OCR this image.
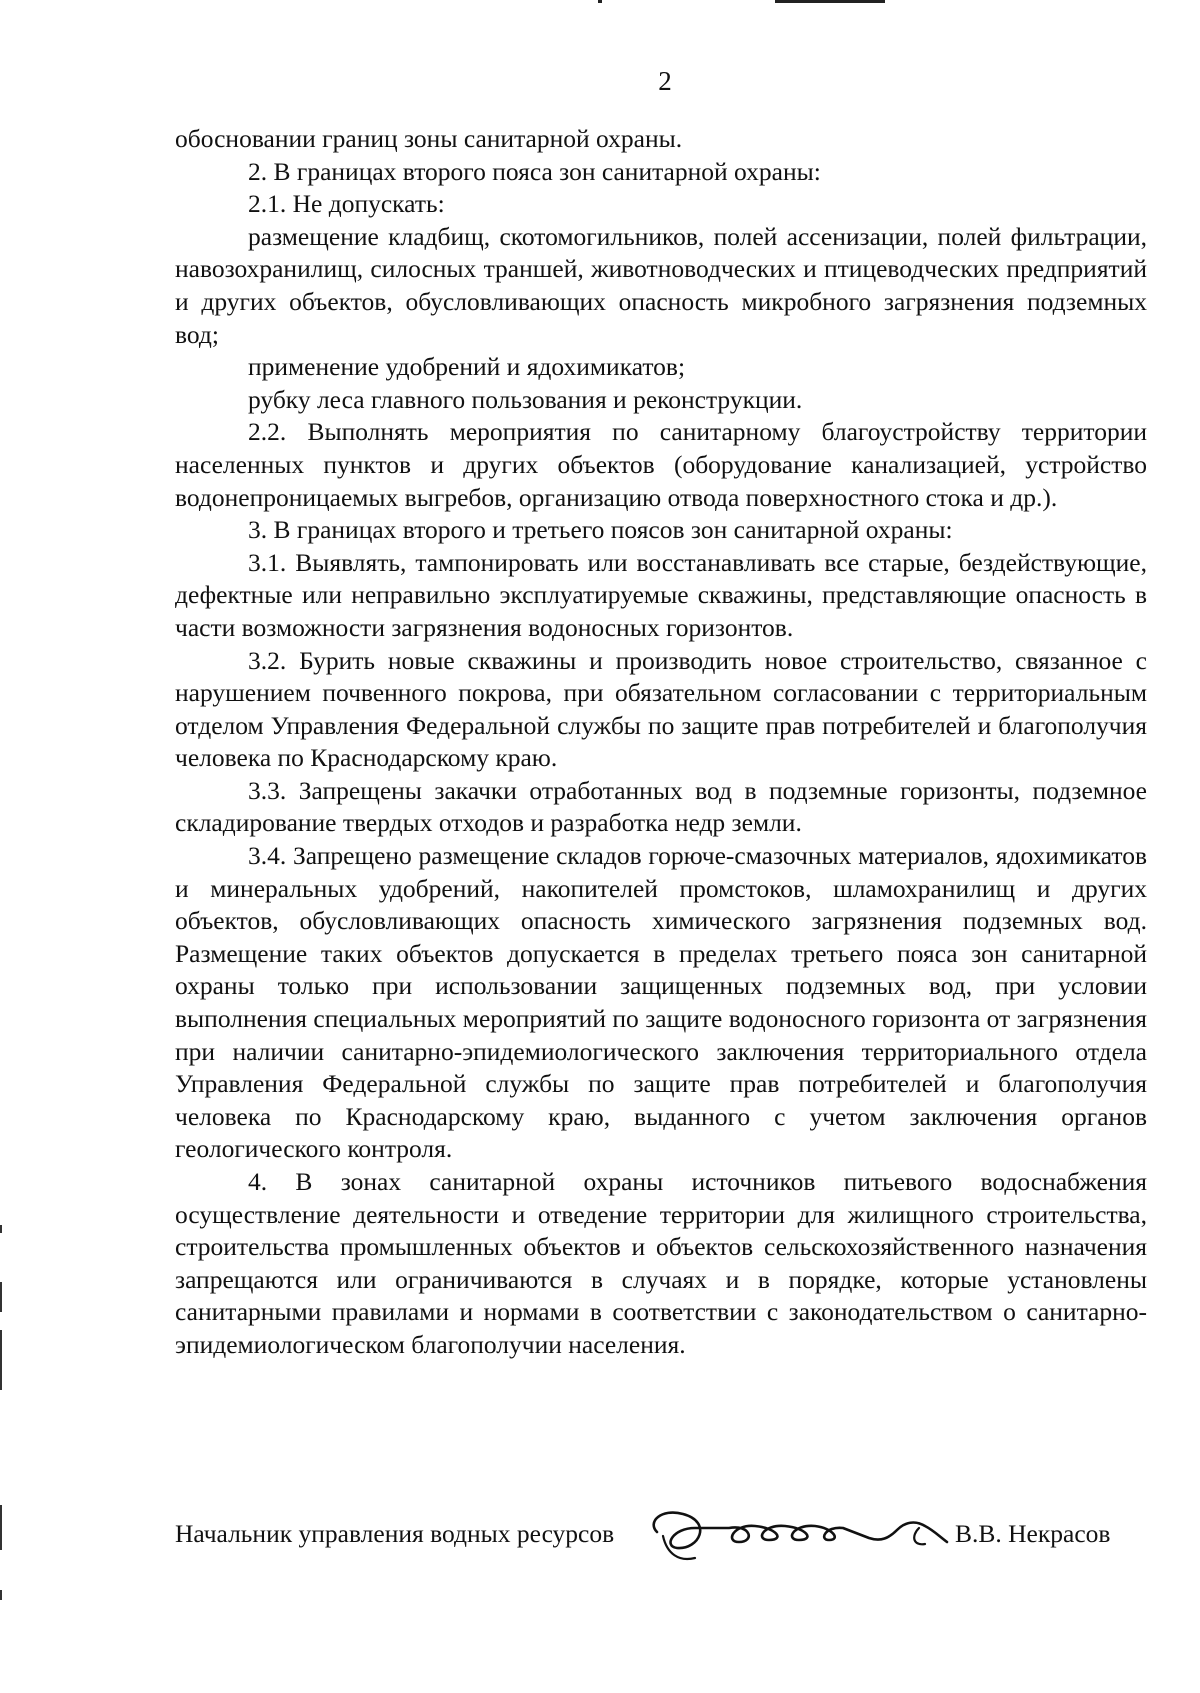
2

обосновании границ зоны санитарной охраны.

2. В границах второго пояса зон санитарной охраны:

2.1. Не допускать:

размещение кладбищ, скотомогильников, полей ассенизации, полей фильтрации, навозохранилищ, силосных траншей, животноводческих и птицеводческих предприятий и других объектов, обусловливающих опасность микробного загрязнения подземных вод;

применение удобрений и ядохимикатов;

рубку леса главного пользования и реконструкции.

2.2. Выполнять мероприятия по санитарному благоустройству территории населенных пунктов и других объектов (оборудование канализацией, устройство водонепроницаемых выгребов, организацию отвода поверхностного стока и др.).

3. В границах второго и третьего поясов зон санитарной охраны:

3.1. Выявлять, тампонировать или восстанавливать все старые, бездействующие, дефектные или неправильно эксплуатируемые скважины, представляющие опасность в части возможности загрязнения водоносных горизонтов.

3.2. Бурить новые скважины и производить новое строительство, связанное с нарушением почвенного покрова, при обязательном согласовании с территориальным отделом Управления Федеральной службы по защите прав потребителей и благополучия человека по Краснодарскому краю.

3.3. Запрещены закачки отработанных вод в подземные горизонты, подземное складирование твердых отходов и разработка недр земли.

3.4. Запрещено размещение складов горюче-смазочных материалов, ядохимикатов и минеральных удобрений, накопителей промстоков, шламохранилищ и других объектов, обусловливающих опасность химического загрязнения подземных вод. Размещение таких объектов допускается в пределах третьего пояса зон санитарной охраны только при использовании защищенных подземных вод, при условии выполнения специальных мероприятий по защите водоносного горизонта от загрязнения при наличии санитарно-эпидемиологического заключения территориального отдела Управления Федеральной службы по защите прав потребителей и благополучия человека по Краснодарскому краю, выданного с учетом заключения органов геологического контроля.

4. В зонах санитарной охраны источников питьевого водоснабжения осуществление деятельности и отведение территории для жилищного строительства, строительства промышленных объектов и объектов сельскохозяйственного назначения запрещаются или ограничиваются в случаях и в порядке, которые установлены санитарными правилами и нормами в соответствии с законодательством о санитарно-эпидемиологическом благополучии населения.

Начальник управления водных ресурсов	В.В. Некрасов
